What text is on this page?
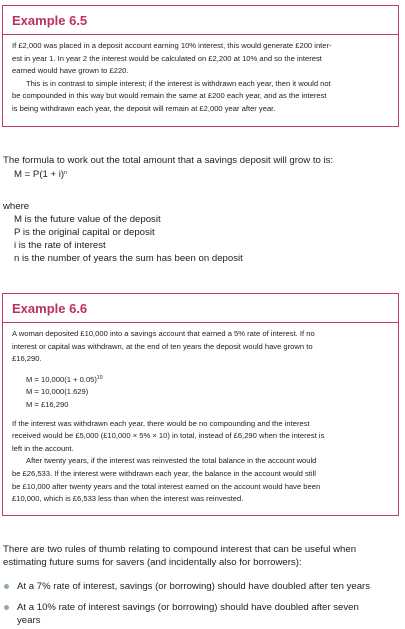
Example 6.5

If £2,000 was placed in a deposit account earning 10% interest, this would generate £200 inter-

est in year 1. In year 2 the interest would be calculated on £2,200 at 10% and so the interest

earned would have grown to £220.

This is in contrast to simple interest; if the interest is withdrawn each year, then it would not

be compounded in this way but would remain the same at £200 each year, and as the interest

is being withdrawn each year, the deposit will remain at £2,000 year after year.

The formula to work out the total amount that a savings deposit will grow to is:

$M = P(1 + i)^n$

where

M is the future value of the deposit

P is the original capital or deposit

i is the rate of interest

n is the number of years the sum has been on deposit

Example 6.6

A woman deposited £10,000 into a savings account that earned a 5% rate of interest. If no

interest or capital was withdrawn, at the end of ten years the deposit would have grown to

£16,290.

$M = 10,000(1 + 0.05)^{10}$

M = 10,000(1.629)

M = £16,290

If the interest was withdrawn each year, there would be no compounding and the interest

received would be £5,000 (£10,000 × 5% × 10) in total, instead of £6,290 when the interest is

left in the account.

After twenty years, if the interest was reinvested the total balance in the account would

be £26,533. If the interest were withdrawn each year, the balance in the account would still

be £10,000 after twenty years and the total interest earned on the account would have been

£10,000, which is £6,533 less than when the interest was reinvested.

There are two rules of thumb relating to compound interest that can be useful when

estimating future sums for savers (and incidentally also for borrowers):

At a 7% rate of interest, savings (or borrowing) should have doubled after ten years
At a 10% rate of interest savings (or borrowing) should have doubled after seven
years
